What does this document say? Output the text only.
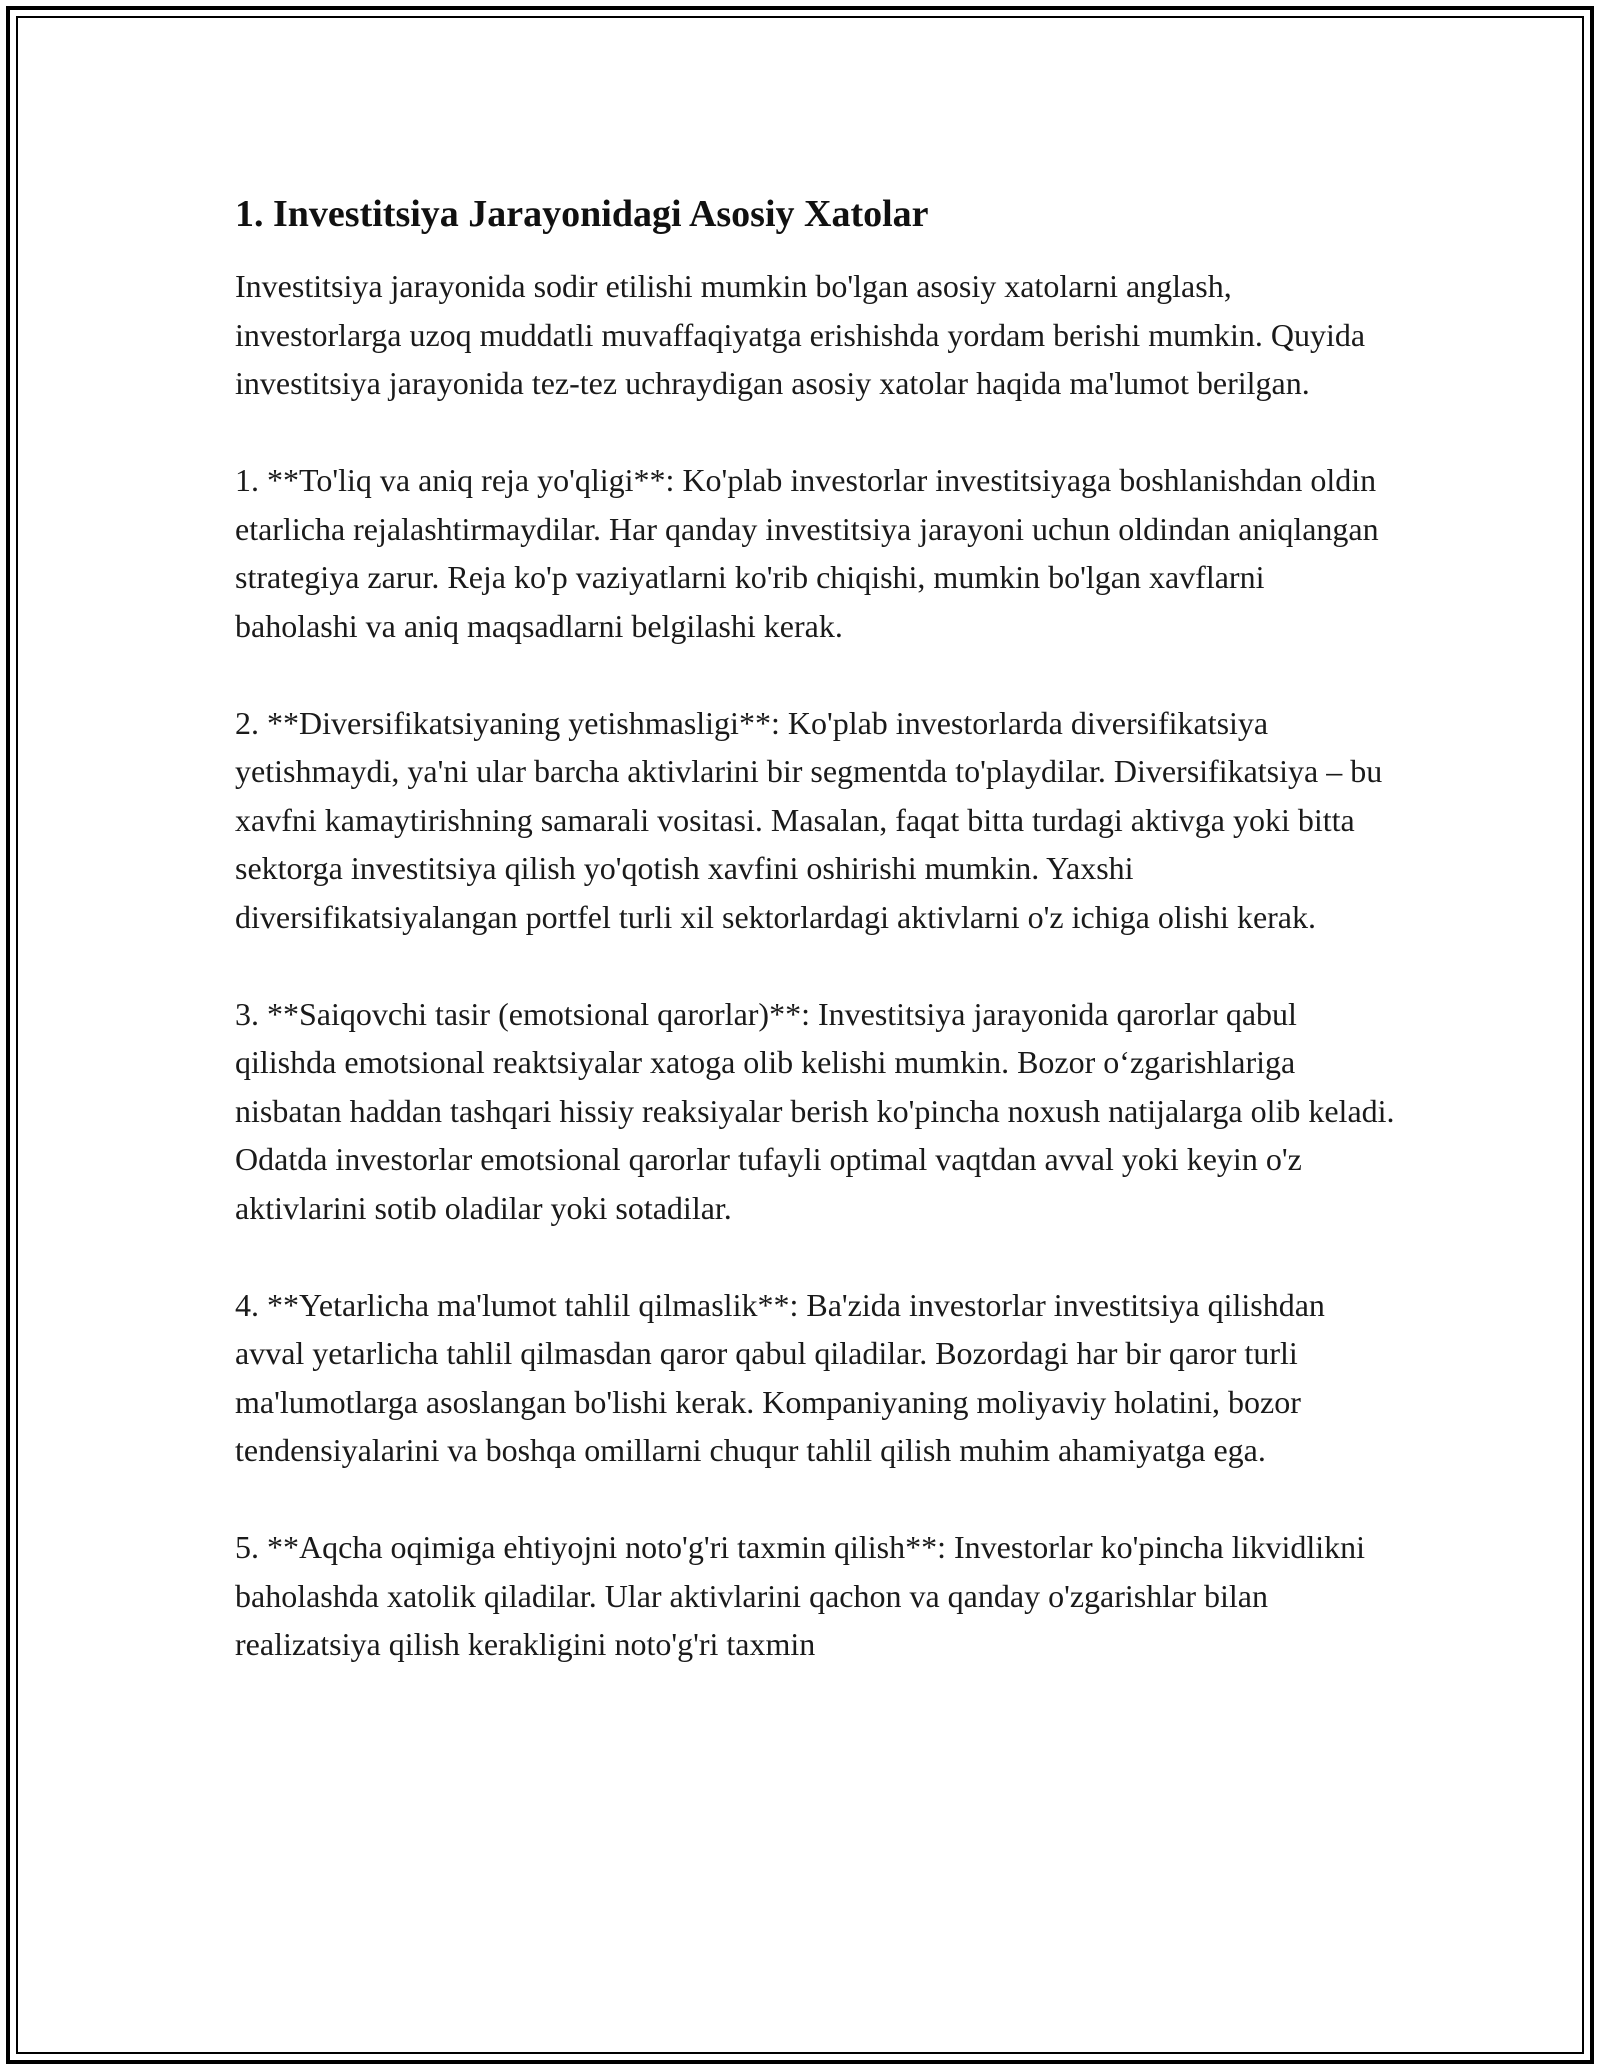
1. Investitsiya Jarayonidagi Asosiy Xatolar

Investitsiya jarayonida sodir etilishi mumkin bo'lgan asosiy xatolarni anglash, investorlarga uzoq muddatli muvaffaqiyatga erishishda yordam berishi mumkin. Quyida investitsiya jarayonida tez-tez uchraydigan asosiy xatolar haqida ma'lumot berilgan.

1. **To'liq va aniq reja yo'qligi**: Ko'plab investorlar investitsiyaga boshlanishdan oldin etarlicha rejalashtirmaydilar. Har qanday investitsiya jarayoni uchun oldindan aniqlangan strategiya zarur. Reja ko'p vaziyatlarni ko'rib chiqishi, mumkin bo'lgan xavflarni baholashi va aniq maqsadlarni belgilashi kerak.

2. **Diversifikatsiyaning yetishmasligi**: Ko'plab investorlarda diversifikatsiya yetishmaydi, ya'ni ular barcha aktivlarini bir segmentda to'playdilar. Diversifikatsiya – bu xavfni kamaytirishning samarali vositasi. Masalan, faqat bitta turdagi aktivga yoki bitta sektorga investitsiya qilish yo'qotish xavfini oshirishi mumkin. Yaxshi diversifikatsiyalangan portfel turli xil sektorlardagi aktivlarni o'z ichiga olishi kerak.

3. **Saiqovchi tasir (emotsional qarorlar)**: Investitsiya jarayonida qarorlar qabul qilishda emotsional reaktsiyalar xatoga olib kelishi mumkin. Bozor o‘zgarishlariga nisbatan haddan tashqari hissiy reaksiyalar berish ko'pincha noxush natijalarga olib keladi. Odatda investorlar emotsional qarorlar tufayli optimal vaqtdan avval yoki keyin o'z aktivlarini sotib oladilar yoki sotadilar.

4. **Yetarlicha ma'lumot tahlil qilmaslik**: Ba'zida investorlar investitsiya qilishdan avval yetarlicha tahlil qilmasdan qaror qabul qiladilar. Bozordagi har bir qaror turli ma'lumotlarga asoslangan bo'lishi kerak. Kompaniyaning moliyaviy holatini, bozor tendensiyalarini va boshqa omillarni chuqur tahlil qilish muhim ahamiyatga ega.

5. **Aqcha oqimiga ehtiyojni noto'g'ri taxmin qilish**: Investorlar ko'pincha likvidlikni baholashda xatolik qiladilar. Ular aktivlarini qachon va qanday o'zgarishlar bilan realizatsiya qilish kerakligini noto'g'ri taxmin
